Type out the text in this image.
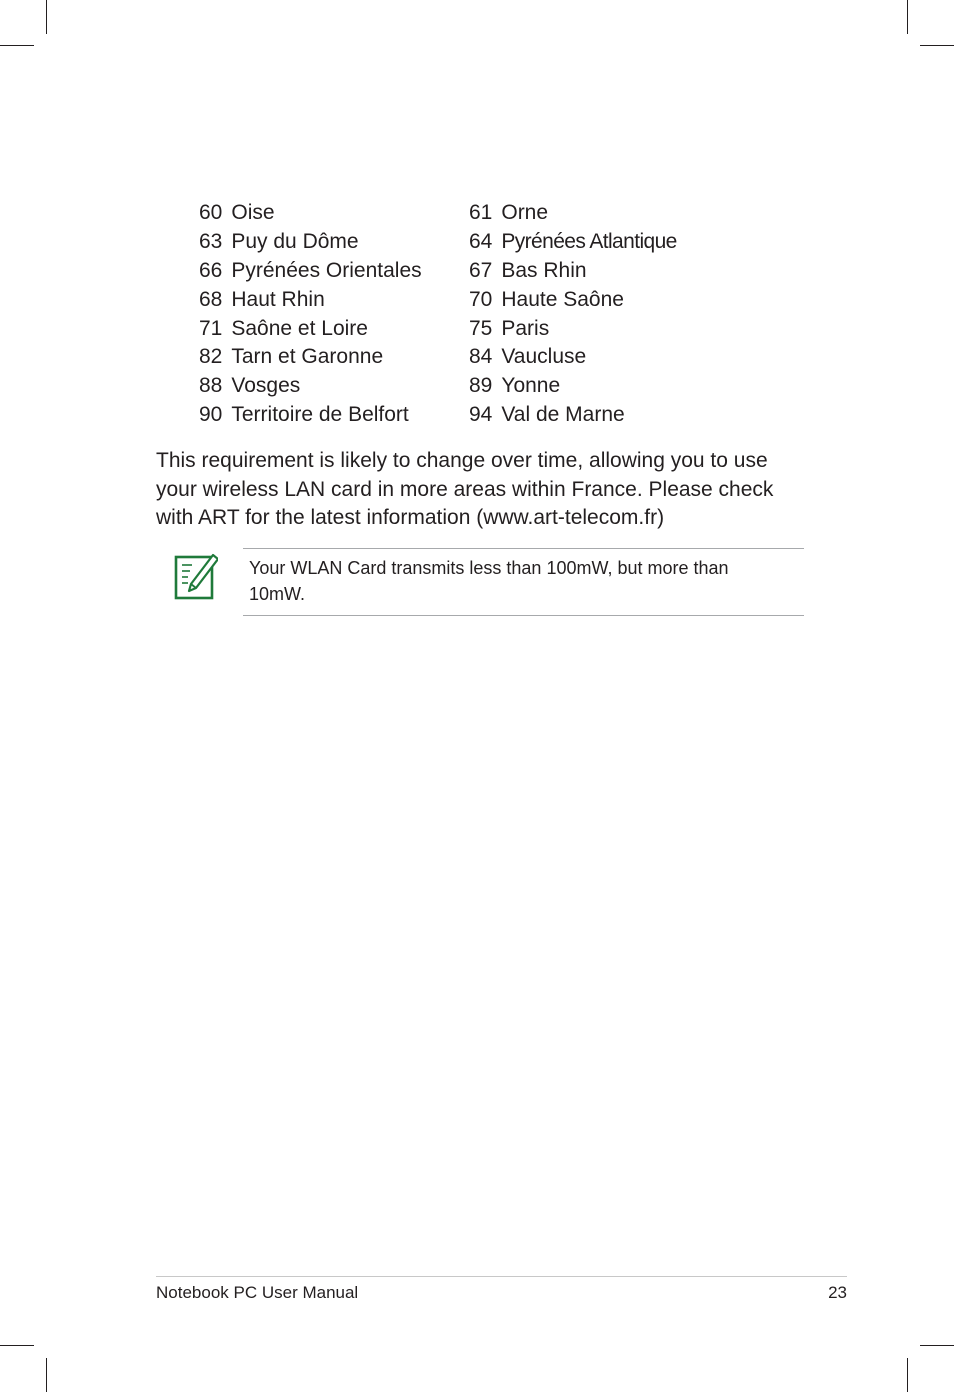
60 Oise	61 Orne
63 Puy du Dôme	64 Pyrénées Atlantique
66 Pyrénées Orientales	67 Bas Rhin
68 Haut Rhin	70 Haute Saône
71 Saône et Loire	75 Paris
82 Tarn et Garonne	84 Vaucluse
88 Vosges	89 Yonne
90 Territoire de Belfort	94 Val de Marne

This requirement is likely to change over time, allowing you to use
your wireless LAN card in more areas within France. Please check
with ART for the latest information (www.art-telecom.fr)

Your WLAN Card transmits less than 100mW, but more than
10mW.

Notebook PC User Manual	23
